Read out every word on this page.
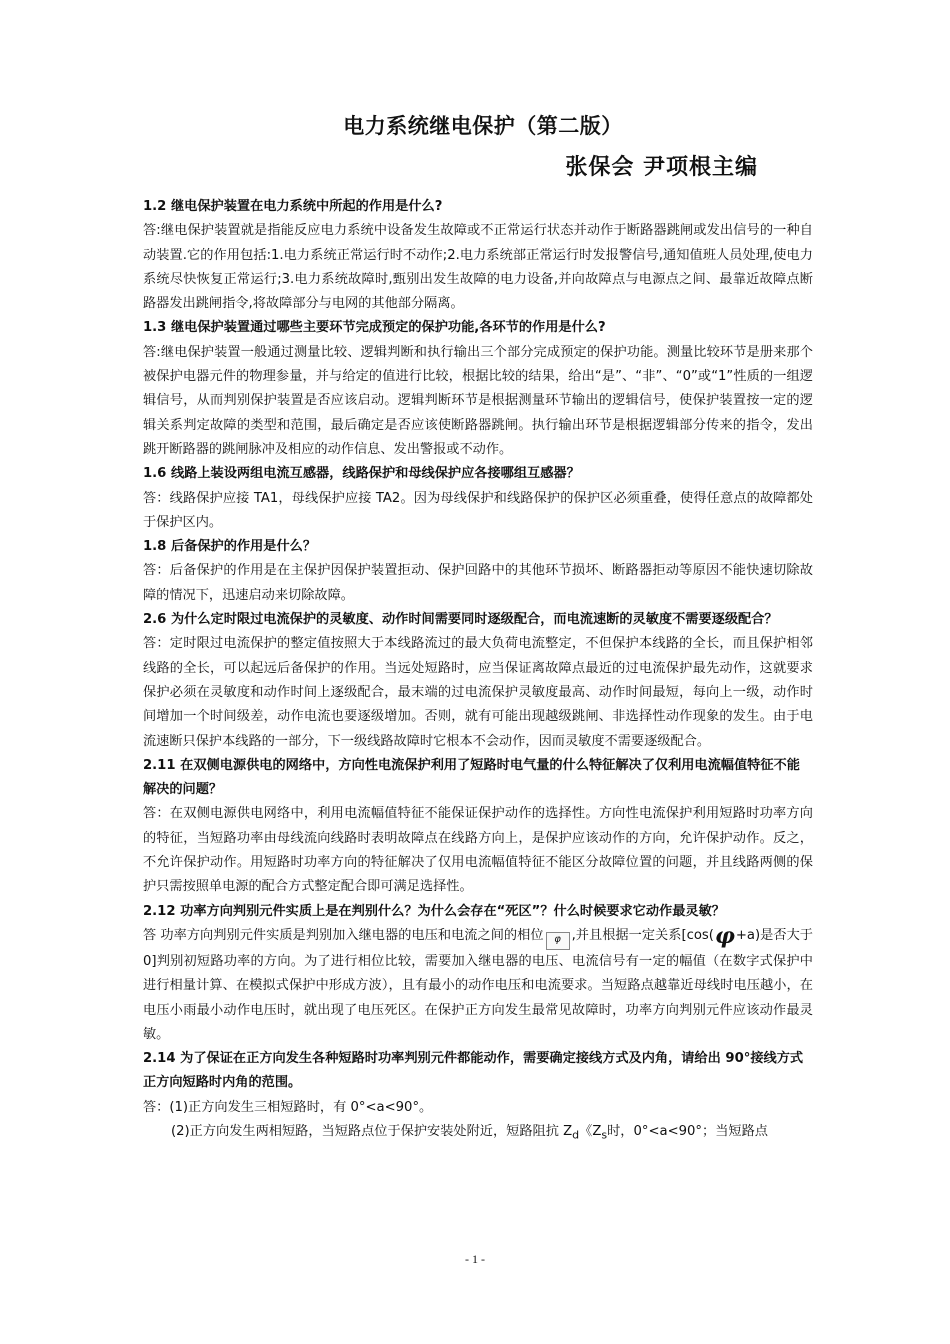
电力系统继电保护（第二版）

张保会 尹项根主编

1.2 继电保护装置在电力系统中所起的作用是什么?

答:继电保护装置就是指能反应电力系统中设备发生故障或不正常运行状态并动作于断路器跳闸或发出信号的一种自动装置.它的作用包括:1.电力系统正常运行时不动作;2.电力系统部正常运行时发报警信号,通知值班人员处理,使电力系统尽快恢复正常运行;3.电力系统故障时,甄别出发生故障的电力设备,并向故障点与电源点之间、最靠近故障点断路器发出跳闸指令,将故障部分与电网的其他部分隔离。

1.3 继电保护装置通过哪些主要环节完成预定的保护功能,各环节的作用是什么?

答:继电保护装置一般通过测量比较、逻辑判断和执行输出三个部分完成预定的保护功能。测量比较环节是册来那个被保护电器元件的物理参量，并与给定的值进行比较，根据比较的结果，给出“是”、“非”、“0”或“1”性质的一组逻辑信号，从而判别保护装置是否应该启动。逻辑判断环节是根据测量环节输出的逻辑信号，使保护装置按一定的逻辑关系判定故障的类型和范围，最后确定是否应该使断路器跳闸。执行输出环节是根据逻辑部分传来的指令，发出跳开断路器的跳闸脉冲及相应的动作信息、发出警报或不动作。

1.6 线路上装设两组电流互感器，线路保护和母线保护应各接哪组互感器？

答：线路保护应接 TA1，母线保护应接 TA2。因为母线保护和线路保护的保护区必须重叠，使得任意点的故障都处于保护区内。

1.8 后备保护的作用是什么？

答：后备保护的作用是在主保护因保护装置拒动、保护回路中的其他环节损坏、断路器拒动等原因不能快速切除故障的情况下，迅速启动来切除故障。

2.6 为什么定时限过电流保护的灵敏度、动作时间需要同时逐级配合，而电流速断的灵敏度不需要逐级配合？

答：定时限过电流保护的整定值按照大于本线路流过的最大负荷电流整定，不但保护本线路的全长，而且保护相邻线路的全长，可以起远后备保护的作用。当远处短路时，应当保证离故障点最近的过电流保护最先动作，这就要求保护必须在灵敏度和动作时间上逐级配合，最末端的过电流保护灵敏度最高、动作时间最短，每向上一级，动作时间增加一个时间级差，动作电流也要逐级增加。否则，就有可能出现越级跳闸、非选择性动作现象的发生。由于电流速断只保护本线路的一部分，下一级线路故障时它根本不会动作，因而灵敏度不需要逐级配合。

2.11 在双侧电源供电的网络中，方向性电流保护利用了短路时电气量的什么特征解决了仅利用电流幅值特征不能解决的问题？

答：在双侧电源供电网络中，利用电流幅值特征不能保证保护动作的选择性。方向性电流保护利用短路时功率方向的特征，当短路功率由母线流向线路时表明故障点在线路方向上，是保护应该动作的方向，允许保护动作。反之，不允许保护动作。用短路时功率方向的特征解决了仅用电流幅值特征不能区分故障位置的问题，并且线路两侧的保护只需按照单电源的配合方式整定配合即可满足选择性。

2.12 功率方向判别元件实质上是在判别什么？为什么会存在“死区”？什么时候要求它动作最灵敏？

答 功率方向判别元件实质是判别加入继电器的电压和电流之间的相位 φ ,并且根据一定关系[cos(φ+a)是否大于 0]判别初短路功率的方向。为了进行相位比较，需要加入继电器的电压、电流信号有一定的幅值（在数字式保护中进行相量计算、在模拟式保护中形成方波），且有最小的动作电压和电流要求。当短路点越靠近母线时电压越小，在电压小雨最小动作电压时，就出现了电压死区。在保护正方向发生最常见故障时，功率方向判别元件应该动作最灵敏。

2.14 为了保证在正方向发生各种短路时功率判别元件都能动作，需要确定接线方式及内角，请给出 90°接线方式正方向短路时内角的范围。

答：(1)正方向发生三相短路时，有 0°<a<90°。

(2)正方向发生两相短路，当短路点位于保护安装处附近，短路阻抗 $Z_d$《$Z_s$时，0°<a<90°；当短路点

- 1 -
